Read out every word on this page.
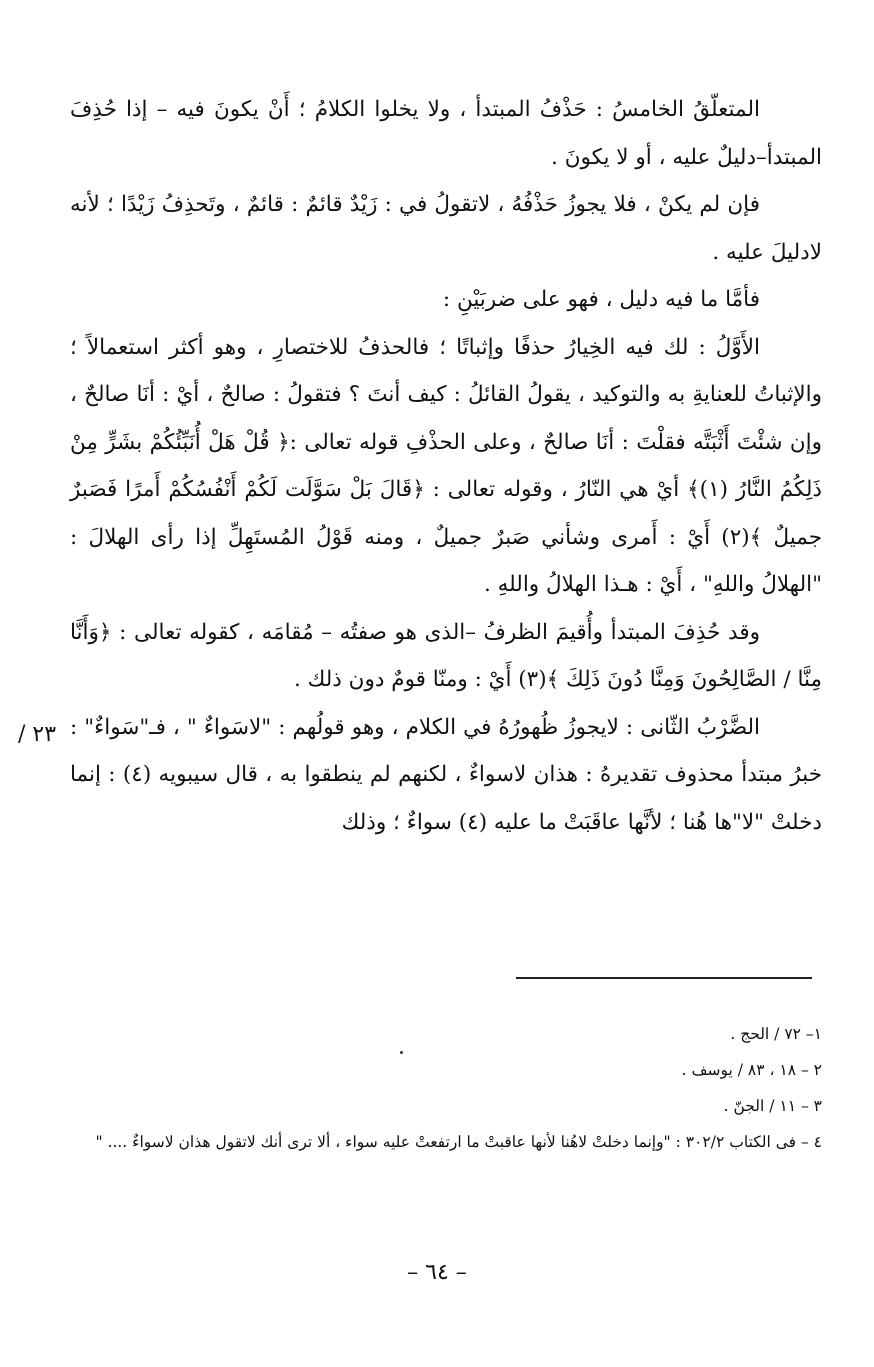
المتعلّقُ الخامسُ : حَذْفُ المبتدأ ، ولا يخلوا الكلامُ ؛ أَنْ يكونَ فيه – إذا حُذِفَ المبتدأ–دليلٌ عليه ، أو لا يكونَ .

فإن لم يكنْ ، فلا يجوزُ حَذْفُهُ ، لاتقولُ في : زَيْدٌ قائمٌ : قائمٌ ، وتَحذِفُ زَيْدًا ؛ لأنه لادليلَ عليه .

فأمَّا ما فيه دليل ، فهو على ضربَيْنِ :

الأَوَّلُ : لك فيه الخِيارُ حذفًا وإثباتًا ؛ فالحذفُ للاختصارِ ، وهو أكثر استعمالاً ؛ والإثباتُ للعنايةِ به والتوكيد ، يقولُ القائلُ : كيف أنتَ ؟ فتقولُ : صالحٌ ، أيْ : أنَا صالحٌ ، وإن شئْتَ أَثْبَتَّه فقلْتَ : أنَا صالحٌ ، وعلى الحذْفِ قوله تعالى :﴿ قُلْ هَلْ أُنَبِّئُكُمْ بشَرٍّ مِنْ ذَلِكُمُ النَّارُ (١)﴾ أيْ هي النّارُ ، وقوله تعالى : ﴿قَالَ بَلْ سَوَّلَت لَكُمْ أَنْفُسُكُمْ أَمرًا فَصَبرٌ جميلٌ ﴾(٢) أَيْ : أَمرى وشأني صَبرٌ جميلٌ ، ومنه قَوْلُ المُستَهِلِّ إذا رأى الهلالَ : "الهلالُ واللهِ" ، أَيْ : هـذا الهلالُ واللهِ .

وقد حُذِفَ المبتدأ وأُقيمَ الظرفُ –الذى هو صفتُه – مُقامَه ، كقوله تعالى : ﴿وَأَنَّا مِنَّا / الصَّالِحُونَ وَمِنَّا دُونَ ذَلِكَ ﴾(٣) أَيْ : ومنّا قومٌ دون ذلك .

الضَّرْبُ الثّانى : لايجوزُ ظُهورُهُ في الكلام ، وهو قولُهم : "لاسَواءٌ " ، فـ"سَواءٌ" : خبرُ مبتدأ محذوف تقديرهُ : هذان لاسواءٌ ، لكنهم لم ينطقوا به ، قال سيبويه (٤) : إنما دخلتْ "لا"ها هُنا ؛ لأنَّها عاقَبَتْ ما عليه (٤) سواءٌ ؛ وذلك

٢٣ /

١– ٧٢ / الحج .

٢ – ١٨ ، ٨٣ / يوسف .

٣ – ١١ / الجنّ .

٤ – فى الكتاب ٣٠٢/٢ : "وإنما دخلتْ لاهُنا لأنها عاقبتْ ما ارتفعتْ عليه سواء ، ألا ترى أنك لاتقول هذان لاسواءٌ .... "

– ٦٤ –
